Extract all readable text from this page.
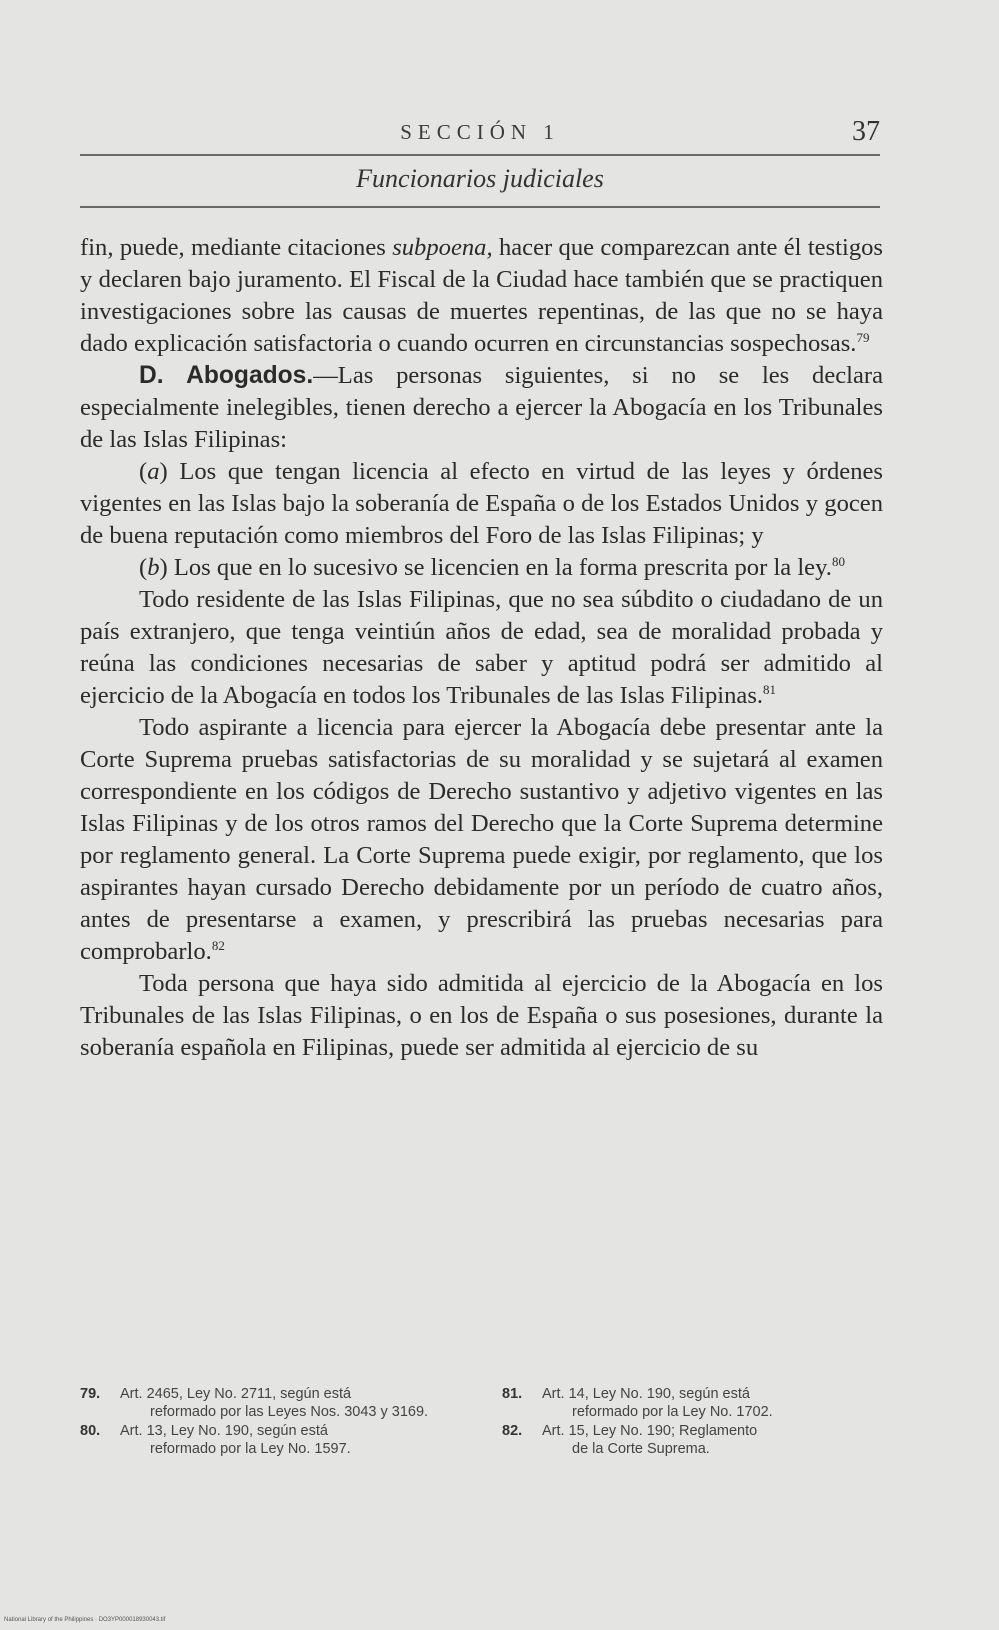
SECCIÓN 1	37
Funcionarios judiciales

fin, puede, mediante citaciones subpoena, hacer que comparezcan ante él testigos y declaren bajo juramento. El Fiscal de la Ciudad hace también que se practiquen investigaciones sobre las causas de muertes repentinas, de las que no se haya dado explicación satisfactoria o cuando ocurren en circunstancias sospechosas.$^{79}$

D. Abogados.—Las personas siguientes, si no se les declara especialmente inelegibles, tienen derecho a ejercer la Abogacía en los Tribunales de las Islas Filipinas:

(a) Los que tengan licencia al efecto en virtud de las leyes y órdenes vigentes en las Islas bajo la soberanía de España o de los Estados Unidos y gocen de buena reputación como miembros del Foro de las Islas Filipinas; y

(b) Los que en lo sucesivo se licencien en la forma prescrita por la ley.$^{80}$

Todo residente de las Islas Filipinas, que no sea súbdito o ciudadano de un país extranjero, que tenga veintiún años de edad, sea de moralidad probada y reúna las condiciones necesarias de saber y aptitud podrá ser admitido al ejercicio de la Abogacía en todos los Tribunales de las Islas Filipinas.$^{81}$

Todo aspirante a licencia para ejercer la Abogacía debe presentar ante la Corte Suprema pruebas satisfactorias de su moralidad y se sujetará al examen correspondiente en los códigos de Derecho sustantivo y adjetivo vigentes en las Islas Filipinas y de los otros ramos del Derecho que la Corte Suprema determine por reglamento general. La Corte Suprema puede exigir, por reglamento, que los aspirantes hayan cursado Derecho debidamente por un período de cuatro años, antes de presentarse a examen, y prescribirá las pruebas necesarias para comprobarlo.$^{82}$

Toda persona que haya sido admitida al ejercicio de la Abogacía en los Tribunales de las Islas Filipinas, o en los de España o sus posesiones, durante la soberanía española en Filipinas, puede ser admitida al ejercicio de su

79. Art. 2465, Ley No. 2711, según está
reformado por las Leyes Nos. 3043 y 3169.
80. Art. 13, Ley No. 190, según está
reformado por la Ley No. 1597.
81. Art. 14, Ley No. 190, según está
reformado por la Ley No. 1702.
82. Art. 15, Ley No. 190; Reglamento
de la Corte Suprema.
National Library of the Philippines · DO3YP000018930043.tif
